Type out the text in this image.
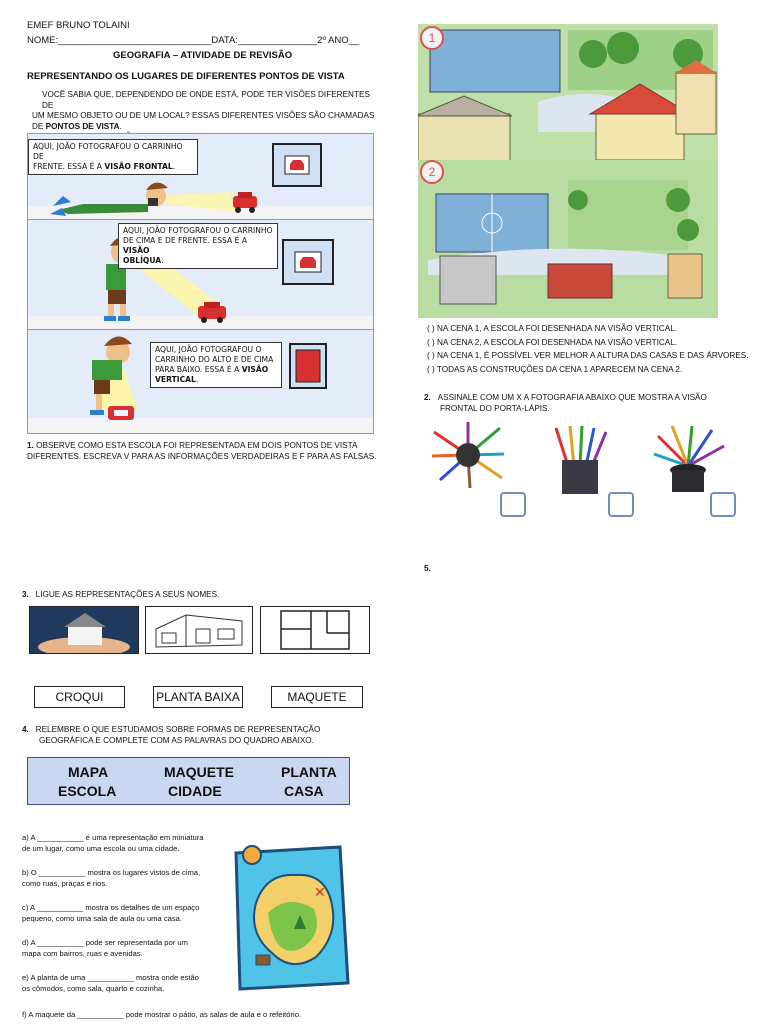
EMEF BRUNO TOLAINI
NOME:_____________________________DATA:_______________2º ANO__
GEOGRAFIA – ATIVIDADE DE REVISÃO
REPRESENTANDO OS LUGARES DE DIFERENTES PONTOS DE VISTA
VOCÊ SABIA QUE, DEPENDENDO DE ONDE ESTÁ, PODE TER VISÕES DIFERENTES DE
UM MESMO OBJETO OU DE UM LOCAL? ESSAS DIFERENTES VISÕES SÃO CHAMADAS
DE PONTOS DE VISTA.
AQUI, JOÃO FOTOGRAFOU O CARRINHO DE
FRENTE. ESSA É A VISÃO FRONTAL.
AQUI, JOÃO FOTOGRAFOU O CARRINHO
DE CIMA E DE FRENTE. ESSA É A VISÃO
OBLÍQUA.
AQUI, JOÃO FOTOGRAFOU O
CARRINHO DO ALTO E DE CIMA
PARA BAIXO. ESSA É A VISÃO
VERTICAL.
1. OBSERVE COMO ESTA ESCOLA FOI REPRESENTADA EM DOIS PONTOS DE VISTA
DIFERENTES. ESCREVA V PARA AS INFORMAÇÕES VERDADEIRAS E F PARA AS FALSAS.
1
2
( ) NA CENA 1, A ESCOLA FOI DESENHADA NA VISÃO VERTICAL.
( ) NA CENA 2, A ESCOLA FOI DESENHADA NA VISÃO VERTICAL.
( ) NA CENA 1, É POSSÍVEL VER MELHOR A ALTURA DAS CASAS E DAS ÁRVORES.
( ) TODAS AS CONSTRUÇÕES DA CENA 1 APARECEM NA CENA 2.
2. ASSINALE COM UM X A FOTOGRAFIA ABAIXO QUE MOSTRA A VISÃO
FRONTAL DO PORTA-LÁPIS.
5.
3. LIGUE AS REPRESENTAÇÕES A SEUS NOMES.
CROQUI	PLANTA BAIXA	MAQUETE
4. RELEMBRE O QUE ESTUDAMOS SOBRE FORMAS DE REPRESENTAÇÃO
GEOGRÁFICA E COMPLETE COM AS PALAVRAS DO QUADRO ABAIXO.
MAPA	MAQUETE	PLANTA
ESCOLA	CIDADE	CASA
a) A ___________ é uma representação em miniatura
de um lugar, como uma escola ou uma cidade.
b) O ___________ mostra os lugares vistos de cima,
como ruas, praças e rios.
c) A ___________ mostra os detalhes de um espaço
pequeno, como uma sala de aula ou uma casa.
d) A ___________ pode ser representada por um
mapa com bairros, ruas e avenidas.
e) A planta de uma ___________ mostra onde estão
os cômodos, como sala, quarto e cozinha.
f) A maquete da ___________ pode mostrar o pátio, as salas de aula e o refeitório.
✕
